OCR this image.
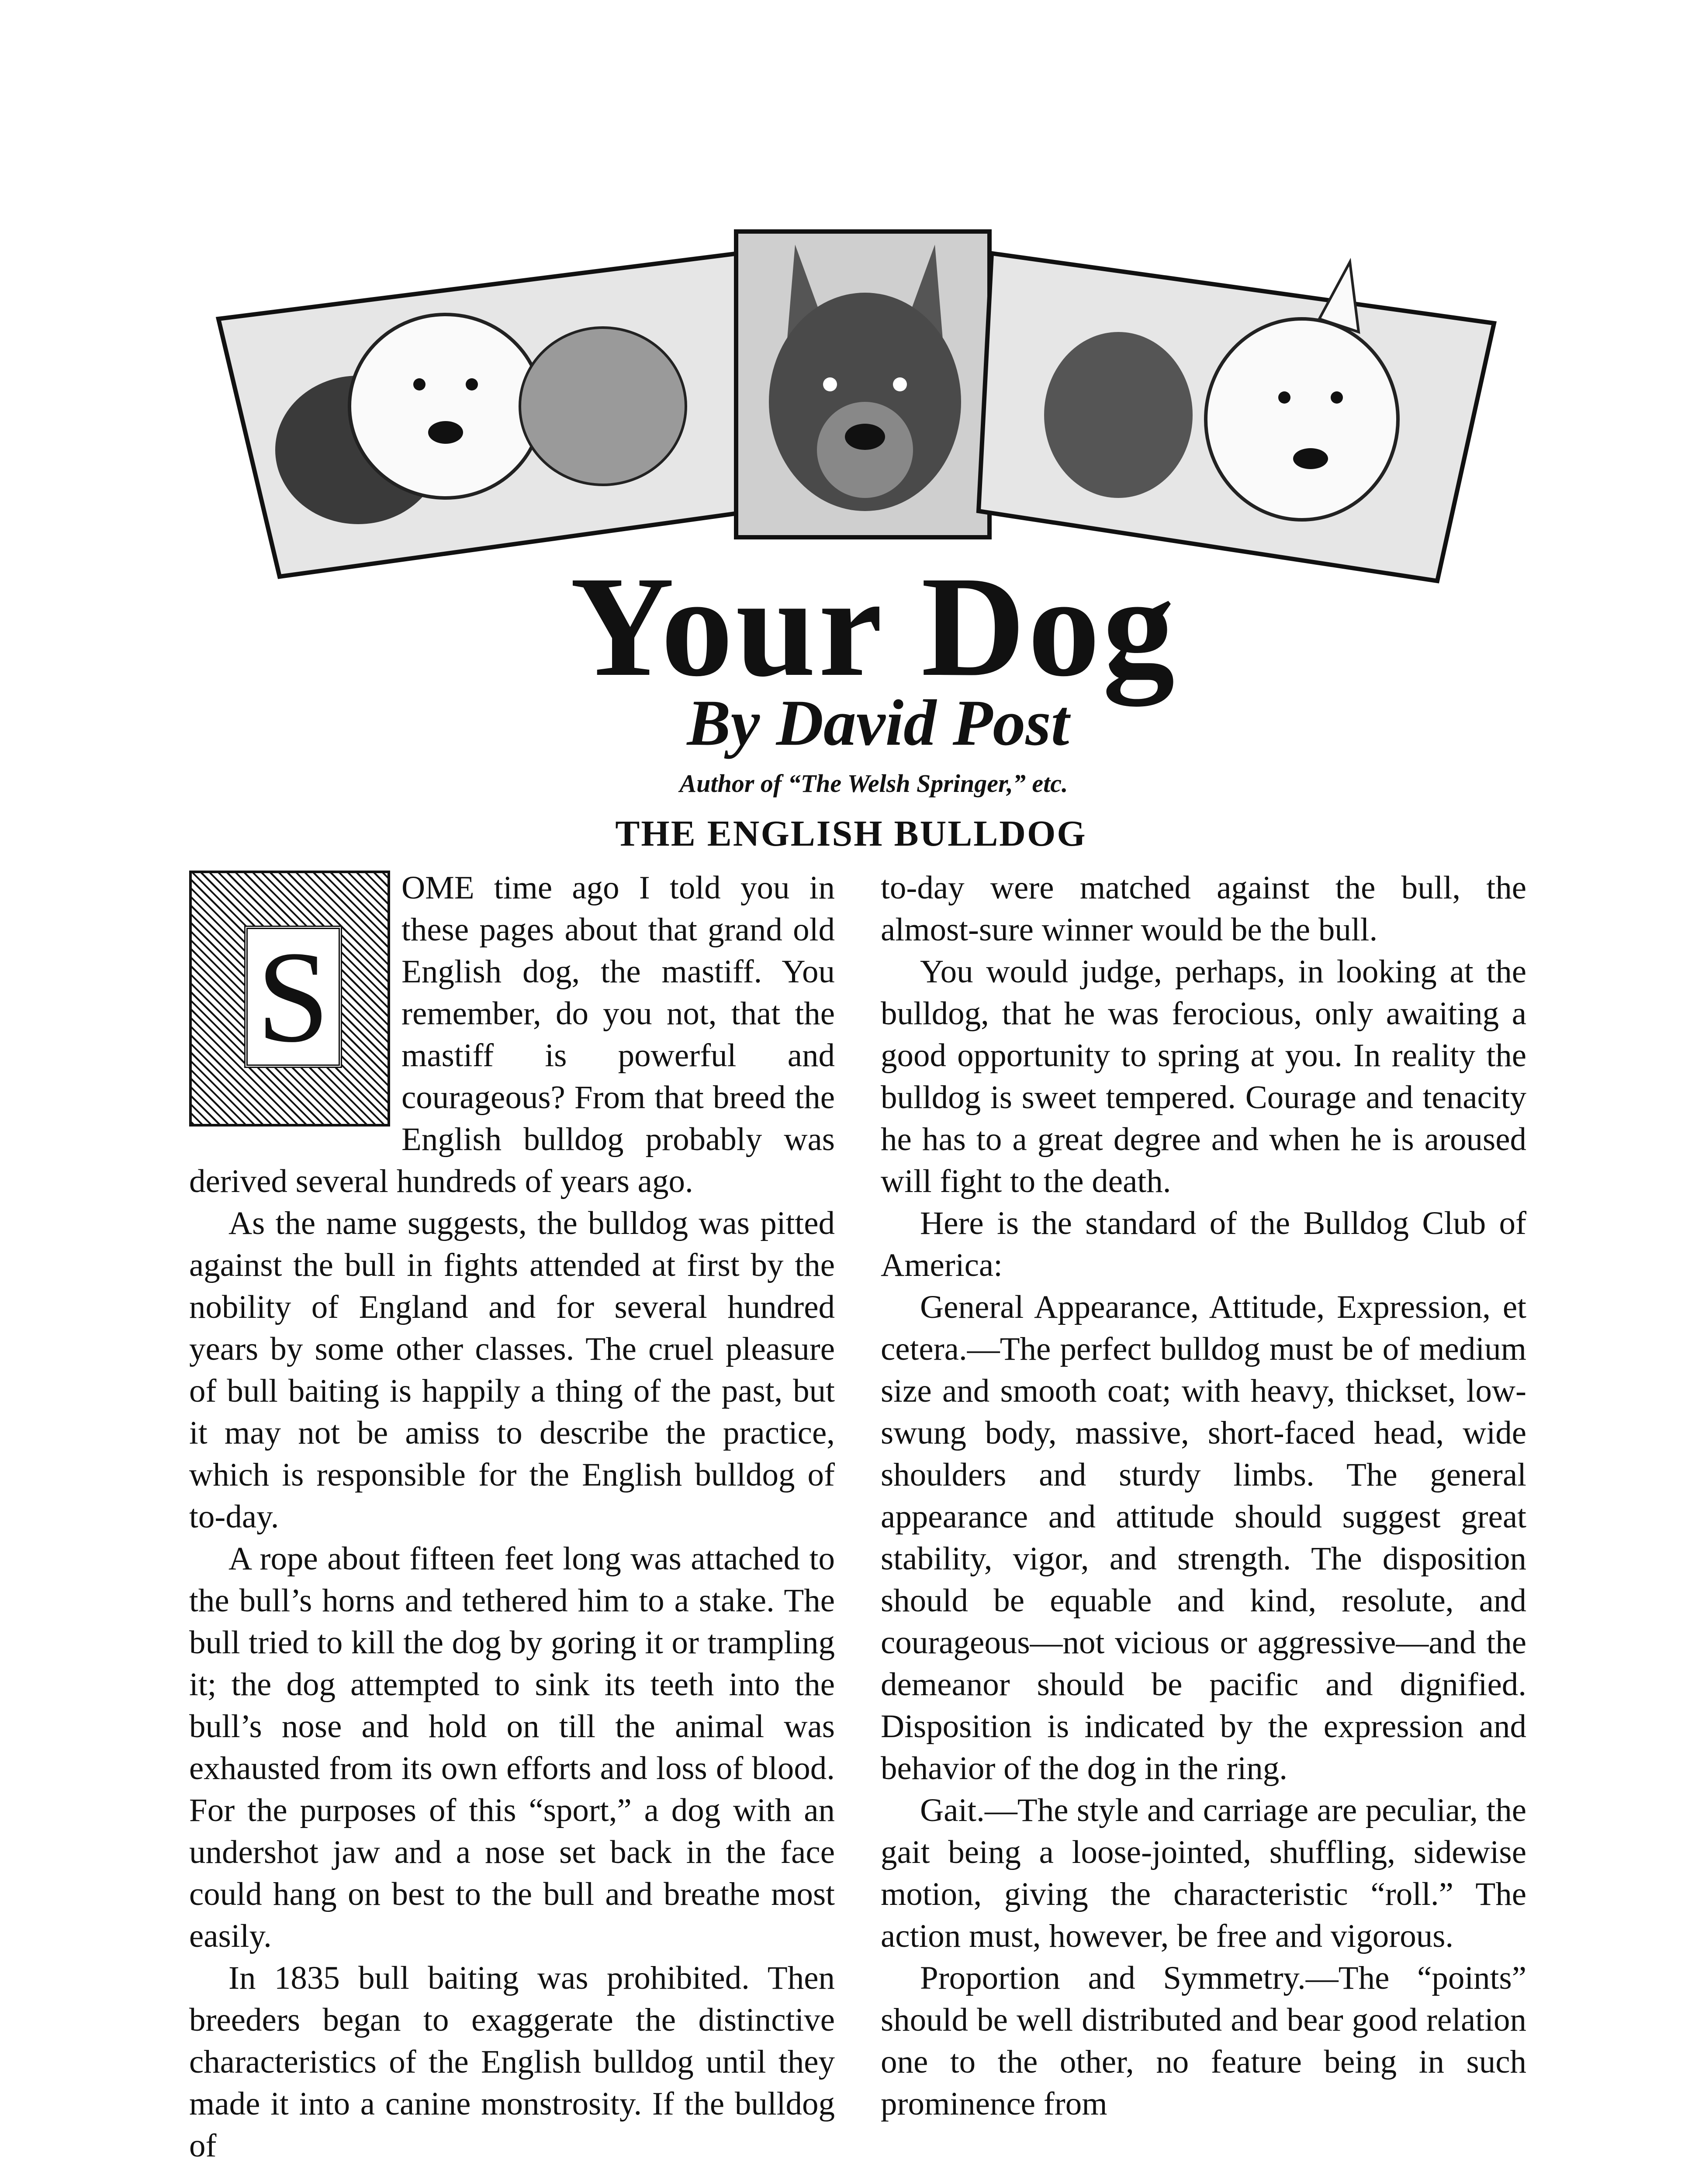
Your Dog
By David Post
Author of “The Welsh Springer,” etc.
THE ENGLISH BULLDOG
S

OME time ago I told you in these pages about that grand old English dog, the mastiff. You remember, do you not, that the mastiff is powerful and courageous? From that breed the English bulldog probably was derived several hundreds of years ago.

As the name suggests, the bulldog was pitted against the bull in fights attended at first by the nobility of England and for several hundred years by some other classes. The cruel pleasure of bull baiting is happily a thing of the past, but it may not be amiss to describe the practice, which is responsible for the English bulldog of to-day.

A rope about fifteen feet long was attached to the bull’s horns and tethered him to a stake. The bull tried to kill the dog by goring it or trampling it; the dog attempted to sink its teeth into the bull’s nose and hold on till the animal was exhausted from its own efforts and loss of blood. For the purposes of this “sport,” a dog with an undershot jaw and a nose set back in the face could hang on best to the bull and breathe most easily.

In 1835 bull baiting was prohibited. Then breeders began to exaggerate the distinctive characteristics of the English bulldog until they made it into a canine monstrosity. If the bulldog of

to-day were matched against the bull, the almost-sure winner would be the bull.

You would judge, perhaps, in looking at the bulldog, that he was ferocious, only awaiting a good opportunity to spring at you. In reality the bulldog is sweet tempered. Courage and tenacity he has to a great degree and when he is aroused will fight to the death.

Here is the standard of the Bulldog Club of America:

General Appearance, Attitude, Expression, et cetera.—The perfect bulldog must be of medium size and smooth coat; with heavy, thickset, low-swung body, massive, short-faced head, wide shoulders and sturdy limbs. The general appearance and attitude should suggest great stability, vigor, and strength. The disposition should be equable and kind, resolute, and courageous—not vicious or aggressive—and the demeanor should be pacific and dignified. Disposition is indicated by the expression and behavior of the dog in the ring.

Gait.—The style and carriage are peculiar, the gait being a loose-jointed, shuffling, sidewise motion, giving the characteristic “roll.” The action must, however, be free and vigorous.

Proportion and Symmetry.—The “points” should be well distributed and bear good relation one to the other, no feature being in such prominence from
